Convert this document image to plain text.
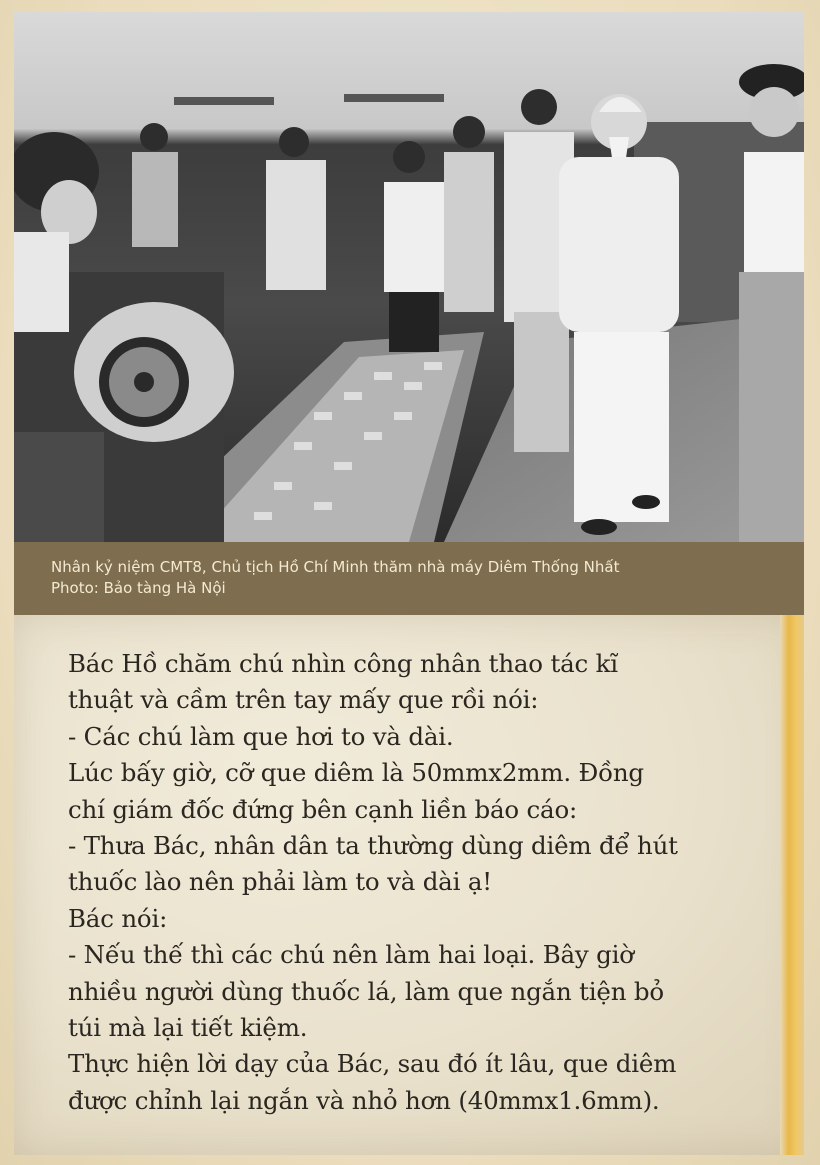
Nhân kỷ niệm CMT8, Chủ tịch Hồ Chí Minh thăm nhà máy Diêm Thống Nhất
Photo: Bảo tàng Hà Nội
Bác Hồ chăm chú nhìn công nhân thao tác kĩ
thuật và cầm trên tay mấy que rồi nói:
- Các chú làm que hơi to và dài.
Lúc bấy giờ, cỡ que diêm là 50mmx2mm. Đồng
chí giám đốc đứng bên cạnh liền báo cáo:
- Thưa Bác, nhân dân ta thường dùng diêm để hút
thuốc lào nên phải làm to và dài ạ!
Bác nói:
- Nếu thế thì các chú nên làm hai loại. Bây giờ
nhiều người dùng thuốc lá, làm que ngắn tiện bỏ
túi mà lại tiết kiệm.
Thực hiện lời dạy của Bác, sau đó ít lâu, que diêm
được chỉnh lại ngắn và nhỏ hơn (40mmx1.6mm).
